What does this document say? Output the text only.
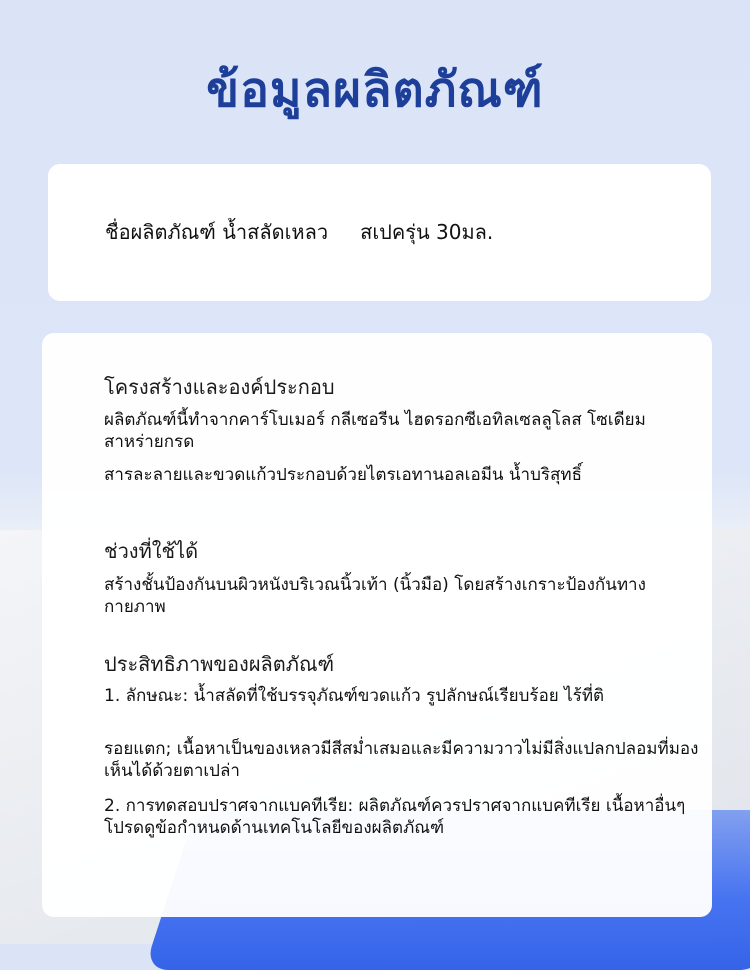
ข้อมูลผลิตภัณฑ์
ชื่อผลิตภัณฑ์ น้ำสลัดเหลว สเปครุ่น 30มล.
โครงสร้างและองค์ประกอบ
ผลิตภัณฑ์นี้ทำจากคาร์โบเมอร์ กลีเซอรีน ไฮดรอกซีเอทิลเซลลูโลส โซเดียม สาหร่ายกรด
สารละลายและขวดแก้วประกอบด้วยไตรเอทานอลเอมีน น้ำบริสุทธิ์
ช่วงที่ใช้ได้
สร้างชั้นป้องกันบนผิวหนังบริเวณนิ้วเท้า (นิ้วมือ) โดยสร้างเกราะป้องกันทางกายภาพ
ประสิทธิภาพของผลิตภัณฑ์
1. ลักษณะ: น้ำสลัดที่ใช้บรรจุภัณฑ์ขวดแก้ว รูปลักษณ์เรียบร้อย ไร้ที่ติ
รอยแตก; เนื้อหาเป็นของเหลวมีสีสม่ำเสมอและมีความวาวไม่มีสิ่งแปลกปลอมที่มองเห็นได้ด้วยตาเปล่า
2. การทดสอบปราศจากแบคทีเรีย: ผลิตภัณฑ์ควรปราศจากแบคทีเรีย เนื้อหาอื่นๆ โปรดดูข้อกำหนดด้านเทคโนโลยีของผลิตภัณฑ์
